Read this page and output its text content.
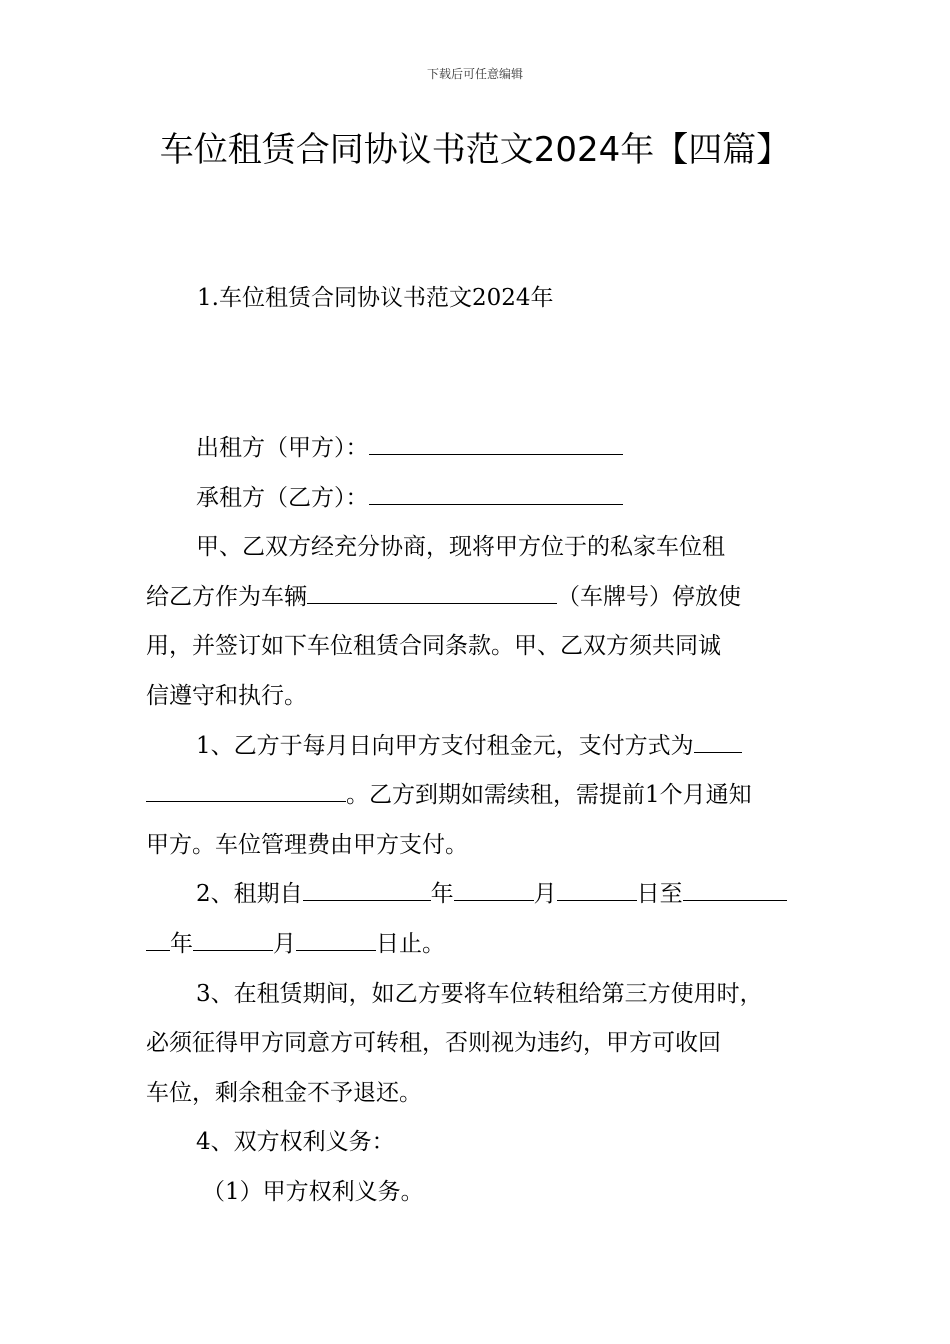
下载后可任意编辑
车位租赁合同协议书范文2024年【四篇】
1.车位租赁合同协议书范文2024年
出租方（甲方）：
承租方（乙方）：
甲、乙双方经充分协商，现将甲方位于的私家车位租
给乙方作为车辆	（车牌号）停放使
用，并签订如下车位租赁合同条款。甲、乙双方须共同诚
信遵守和执行。
1、乙方于每月日向甲方支付租金元，支付方式为
。乙方到期如需续租，需提前1个月通知
甲方。车位管理费由甲方支付。
2、租期自	年	月	日至
年	月	日止。
3、在租赁期间，如乙方要将车位转租给第三方使用时，
必须征得甲方同意方可转租，否则视为违约，甲方可收回
车位，剩余租金不予退还。
4、双方权利义务：
（1）甲方权利义务。
